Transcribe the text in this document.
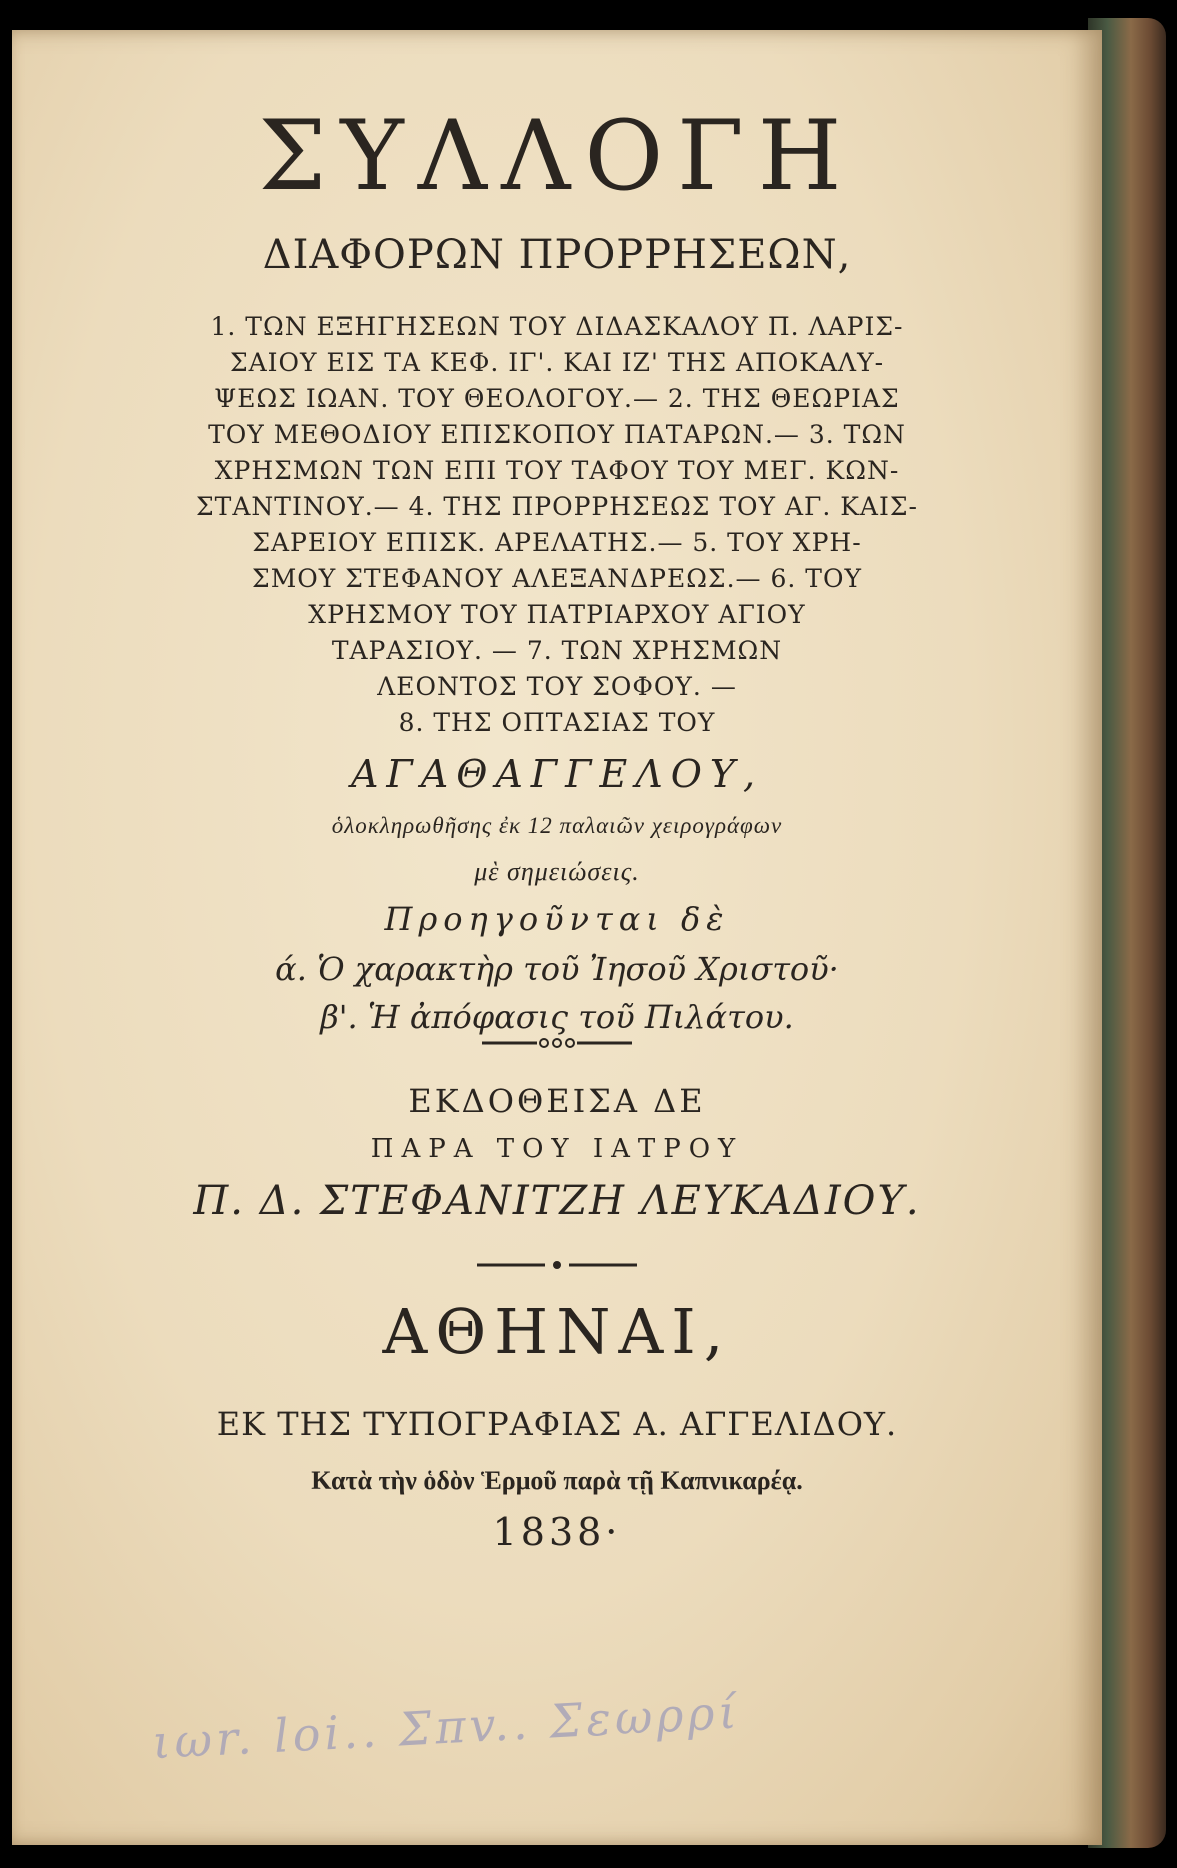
ΣΥΛΛΟΓΗ
ΔΙΑΦΟΡΩΝ ΠΡΟΡΡΗΣΕΩΝ,
1. ΤΩΝ ΕΞΗΓΗΣΕΩΝ ΤΟΥ ΔΙΔΑΣΚΑΛΟΥ Π. ΛΑΡΙΣ-
ΣΑΙΟΥ ΕΙΣ ΤΑ ΚΕΦ. ΙΓ'. ΚΑΙ ΙΖ' ΤΗΣ ΑΠΟΚΑΛΥ-
ΨΕΩΣ ΙΩΑΝ. ΤΟΥ ΘΕΟΛΟΓΟΥ.— 2. ΤΗΣ ΘΕΩΡΙΑΣ
ΤΟΥ ΜΕΘΟΔΙΟΥ ΕΠΙΣΚΟΠΟΥ ΠΑΤΑΡΩΝ.— 3. ΤΩΝ
ΧΡΗΣΜΩΝ ΤΩΝ ΕΠΙ ΤΟΥ ΤΑΦΟΥ ΤΟΥ ΜΕΓ. ΚΩΝ-
ΣΤΑΝΤΙΝΟΥ.— 4. ΤΗΣ ΠΡΟΡΡΗΣΕΩΣ ΤΟΥ ΑΓ. ΚΑΙΣ-
ΣΑΡΕΙΟΥ ΕΠΙΣΚ. ΑΡΕΛΑΤΗΣ.— 5. ΤΟΥ ΧΡΗ-
ΣΜΟΥ ΣΤΕΦΑΝΟΥ ΑΛΕΞΑΝΔΡΕΩΣ.— 6. ΤΟΥ
ΧΡΗΣΜΟΥ ΤΟΥ ΠΑΤΡΙΑΡΧΟΥ ΑΓΙΟΥ
ΤΑΡΑΣΙΟΥ. — 7. ΤΩΝ ΧΡΗΣΜΩΝ
ΛΕΟΝΤΟΣ ΤΟΥ ΣΟΦΟΥ. —
8. ΤΗΣ ΟΠΤΑΣΙΑΣ ΤΟΥ
ΑΓΑΘΑΓΓΕΛΟΥ,
ὁλοκληρωθῆσης ἐκ 12 παλαιῶν χειρογράφων
μὲ σημειώσεις.
Προηγοῦνται δὲ
ά. Ὁ χαρακτὴρ τοῦ Ἰησοῦ Χριστοῦ·
β'. Ἡ ἀπόφασις τοῦ Πιλάτου.
ΕΚΔΟΘΕΙΣΑ ΔΕ
ΠΑΡΑ ΤΟΥ ΙΑΤΡΟΥ
Π. Δ. ΣΤΕΦΑΝΙΤΖΗ ΛΕΥΚΑΔΙΟΥ.
ΑΘΗΝΑΙ,
ΕΚ ΤΗΣ ΤΥΠΟΓΡΑΦΙΑΣ Α. ΑΓΓΕΛΙΔΟΥ.
Κατὰ τὴν ὁδὸν Ἑρμοῦ παρὰ τῇ Καπνικαρέᾳ.
1838·
ιωr. loi.. Σπv.. Σεωρρί
